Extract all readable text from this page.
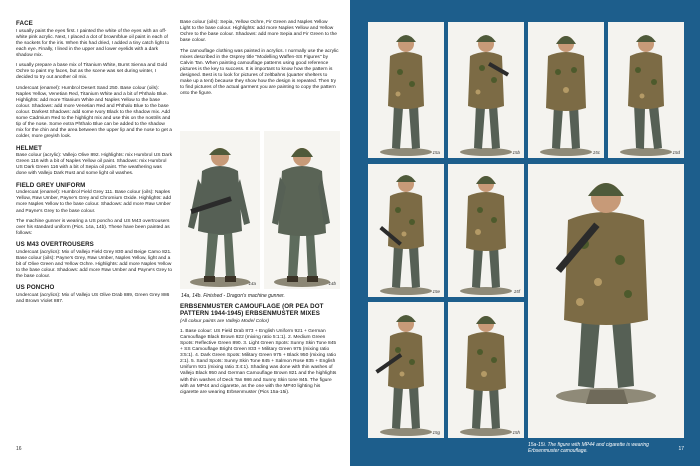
FACE

I usually paint the eyes first. I painted the white of the eyes with an off-white pink acrylic. Next, I placed a dot of brown/blue oil paint in each of the sockets for the iris. When this had dried, I added a tiny catch light to each eye. Finally, I lined in the upper and lower eyelids with a dark shadow mix.

I usually prepare a base mix of Titanium White, Burnt Sienna and Gold Ochre to paint my faces, but as the scene was set during winter, I decided to try out another oil mix.

Undercoat (enamel): Humbrol Desert Sand 250. Base colour (oils): Naples Yellow, Venetian Red, Titanium White and a bit of Phthalo Blue. Highlights: add more Titanium White and Naples Yellow to the base colour. Shadows: add more Venetian Red and Phthalo Blue to the base colour. Darkest Shadows: add some Ivory Black to the shadow mix. Add some Cadmium Red to the highlight mix and use this on the nostrils and tip of the nose. Some extra Phthalo Blue can be added to the shadow mix for the chin and the area between the upper lip and the nose to get a colder, more greyish look.

HELMET

Base colour (acrylic): Vallejo Olive 892. Highlights: mix Humbrol US Dark Green 116 with a bit of Naples Yellow oil paint. Shadows: mix Humbrol US Dark Green 116 with a bit of Sepia oil paint. The weathering was done with Vallejo Dark Rust and some light oil washes.

FIELD GREY UNIFORM

Undercoat (enamel): Humbrol Field Grey 111. Base colour (oils): Naples Yellow, Raw Umber, Payne's Grey and Chromium Oxide. Highlights: add more Naples Yellow to the base colour. Shadows: add more Raw Umber and Payne's Grey to the base colour.

The machine gunner is wearing a US poncho and US M43 overtrousers over his standard uniform (Pics. 14a, 14b). These have been painted as follows:

US M43 OVERTROUSERS

Undercoat (acrylics): Mix of Vallejo Field Grey 830 and Beige Camo 821. Base colour (oils): Payne's Grey, Raw Umber, Naples Yellow, light and a bit of Olive Green and Yellow Ochre. Highlights: add more Naples Yellow to the base colour. Shadows: add more Raw Umber and Payne's Grey to the base colour.

US PONCHO

Undercoat (acrylics): Mix of Vallejo US Olive Drab 889, Green Grey 886 and Brown Violet 887.

Base colour (oils): Sepia, Yellow Ochre, Fir Green and Naples Yellow Light to the base colour. Highlights: add more Naples Yellow and Yellow Ochre to the base colour. Shadows: add more Sepia and Fir Green to the base colour.

The camouflage clothing was painted in acrylics. I normally use the acrylic mixes described in the Osprey title "Modelling Waffen-SS Figures" by Calvin Tan. When painting camouflage patterns using good reference pictures is the key to success. It is important to know how the pattern is designed. Best is to look for pictures of zeltbahns (quarter shelters to make up a tent) because they show how the design is repeated. Then try to find pictures of the actual garment you are painting to copy the pattern onto the figure.

14a	14b
14a, 14b. Finished - Dragon's machine gunner.
ERBSENMUSTER CAMOUFLAGE (OR PEA DOT PATTERN 1944-1945) ERBSENMUSTER MIXES

(All colour paints are Vallejo Model Color)

1. Base colour: US Field Drab 873 + English Uniform 921 + German Camouflage Black Brown 822 (mixing ratio 5:1:1). 2. Medium Green Spots: Reflective Green 890. 3. Light Green Spots: Sunny Skin Tone 845 + SS Camouflage Bright Green 833 + Military Green 975 (mixing ratio 3:5:1). 4. Dark Green Spots: Military Green 975 + Black 950 (mixing ratio 2:1). 5. Sand Spots: Sunny Skin Tone 845 + Salmon Rose 835 + English Uniform 921 (mixing ratio 3:4:1). Shading was done with thin washes of Vallejo Black 950 and German Camouflage Brown 821 and the highlights with thin washes of Deck Tan 986 and Sunny Skin tone 845. The figure with an MP44 and cigarette, as the one with the MP40 lighting his cigarette are wearing Erbsenmuster (Pics 15a-15i).

16
15a	15b	15c	15d
15e	15f
15g	15h
15a-15i. The figure with MP44 and cigarette is wearing Erbsenmuster camouflage.	17
